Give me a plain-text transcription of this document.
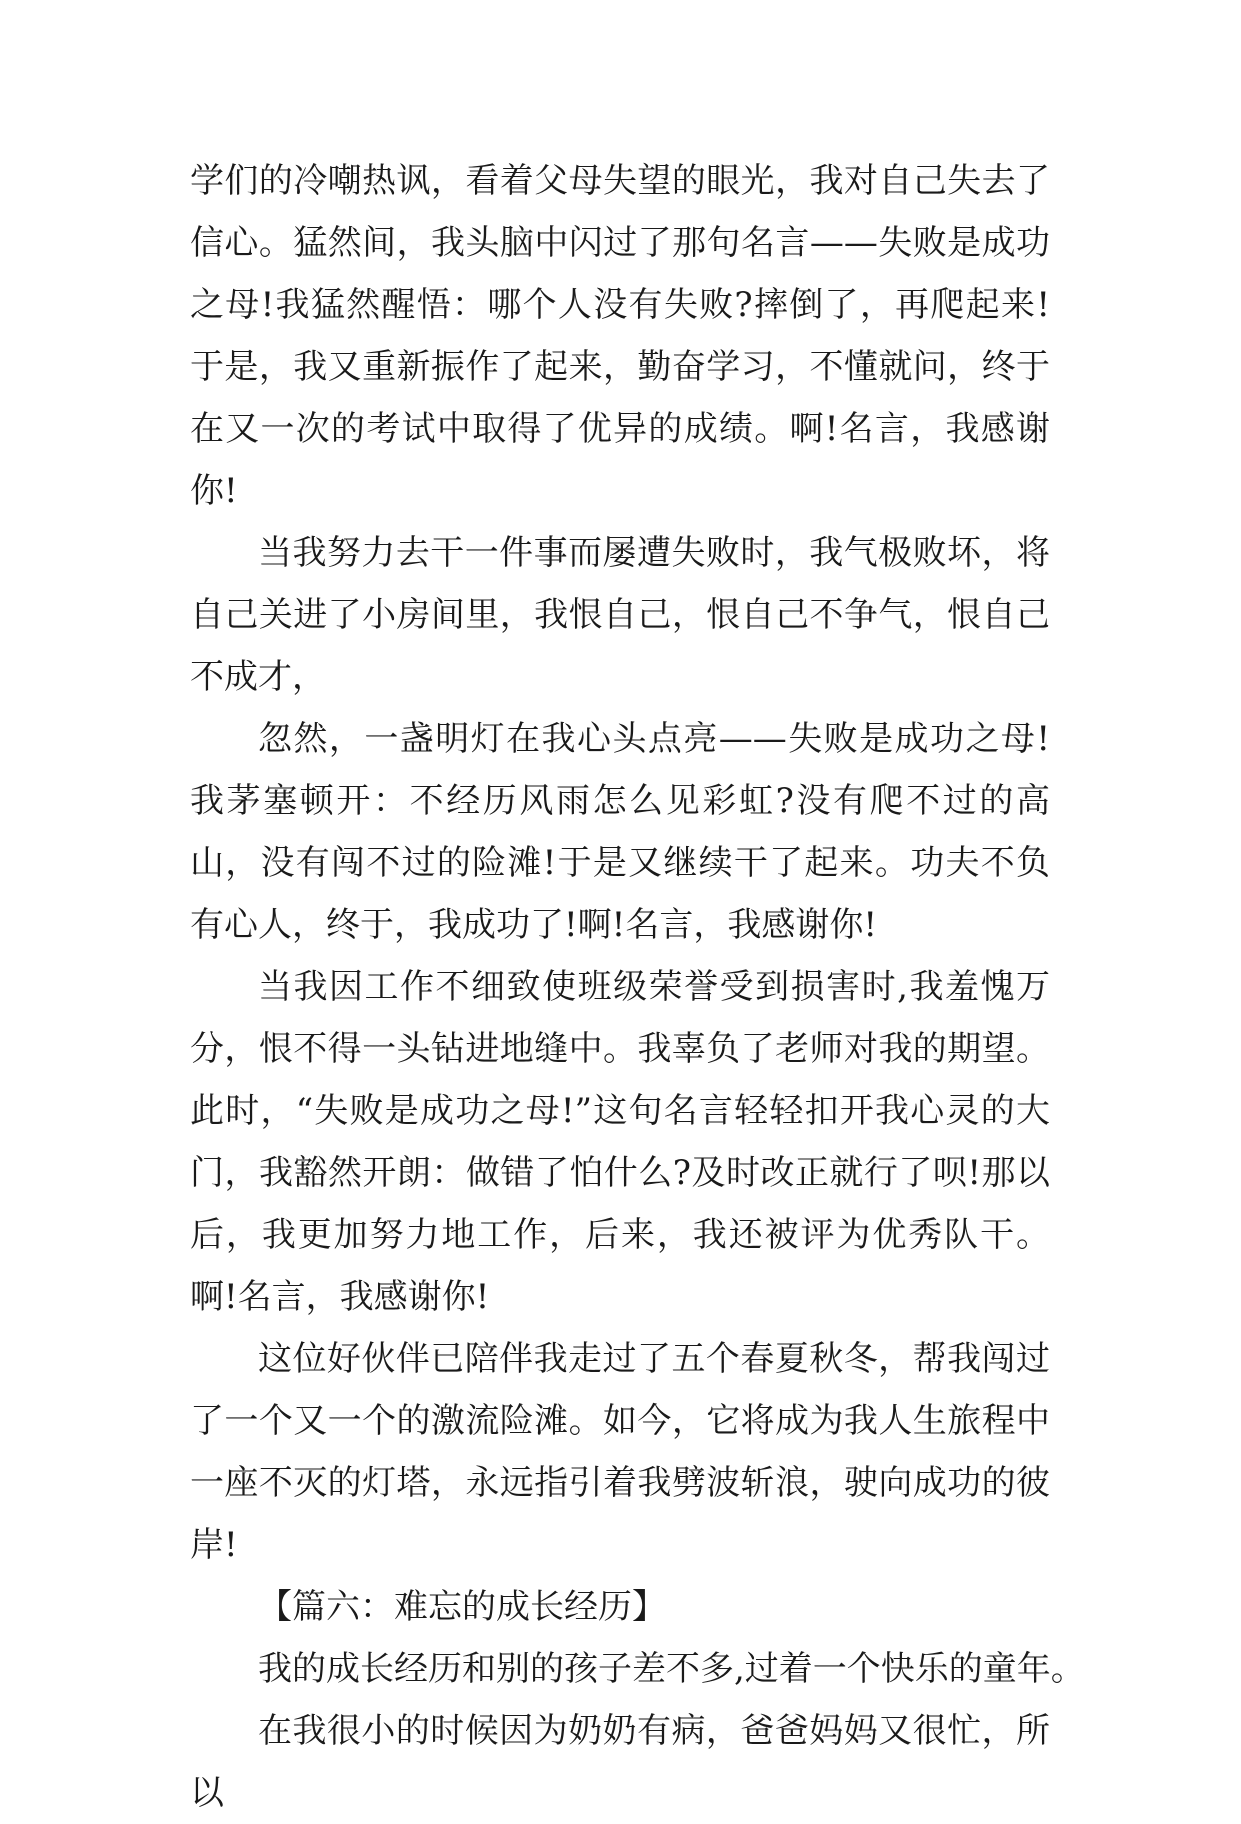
学们的冷嘲热讽，看着父母失望的眼光，我对自己失去了信心。猛然间，我头脑中闪过了那句名言——失败是成功之母!我猛然醒悟：哪个人没有失败?摔倒了，再爬起来!于是，我又重新振作了起来，勤奋学习，不懂就问，终于在又一次的考试中取得了优异的成绩。啊!名言，我感谢你!

当我努力去干一件事而屡遭失败时，我气极败坏，将自己关进了小房间里，我恨自己，恨自己不争气，恨自己不成才，

忽然，一盏明灯在我心头点亮——失败是成功之母!我茅塞顿开：不经历风雨怎么见彩虹?没有爬不过的高山，没有闯不过的险滩!于是又继续干了起来。功夫不负有心人，终于，我成功了!啊!名言，我感谢你!

当我因工作不细致使班级荣誉受到损害时,我羞愧万分，恨不得一头钻进地缝中。我辜负了老师对我的期望。此时，“失败是成功之母!”这句名言轻轻扣开我心灵的大门，我豁然开朗：做错了怕什么?及时改正就行了呗!那以后，我更加努力地工作，后来，我还被评为优秀队干。啊!名言，我感谢你!

这位好伙伴已陪伴我走过了五个春夏秋冬，帮我闯过了一个又一个的激流险滩。如今，它将成为我人生旅程中一座不灭的灯塔，永远指引着我劈波斩浪，驶向成功的彼岸!

【篇六：难忘的成长经历】

我的成长经历和别的孩子差不多,过着一个快乐的童年。

在我很小的时候因为奶奶有病，爸爸妈妈又很忙，所以
